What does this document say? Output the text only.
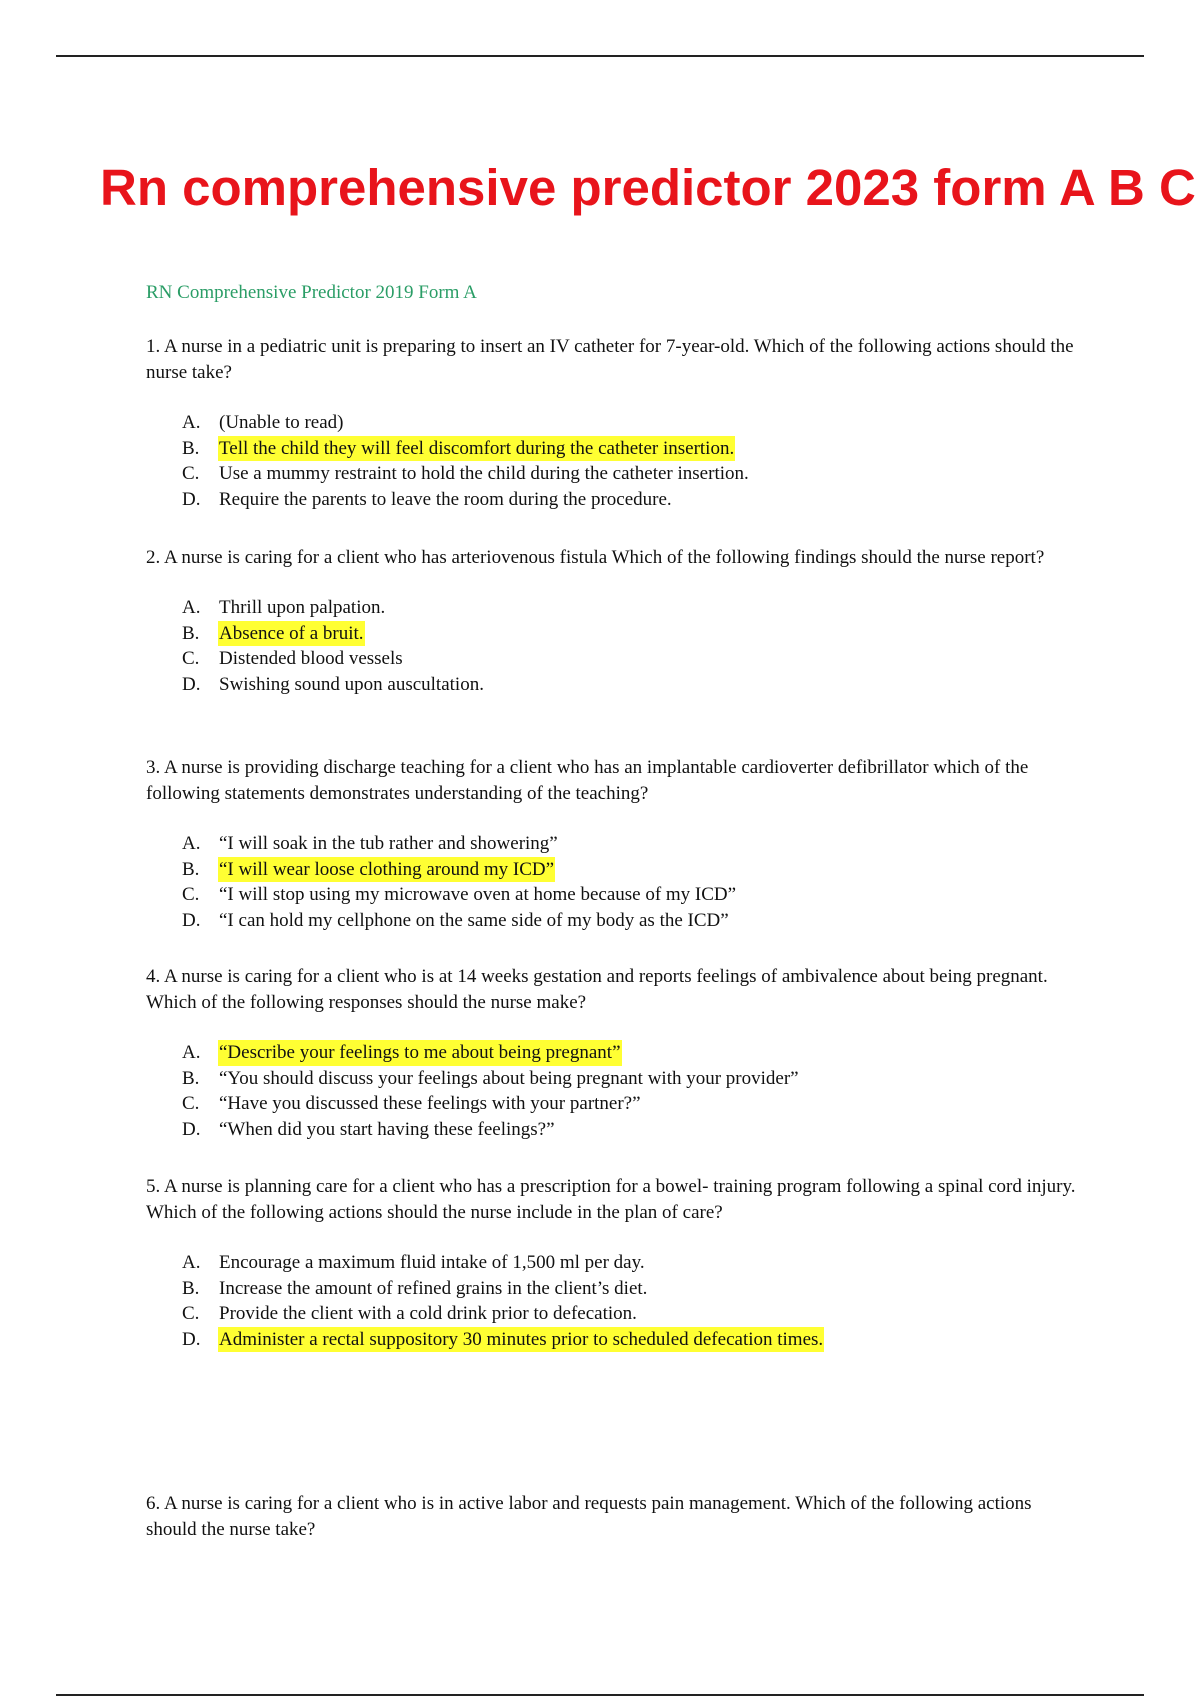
Rn comprehensive predictor 2023 form A B C

RN Comprehensive Predictor 2019 Form A

1. A nurse in a pediatric unit is preparing to insert an IV catheter for 7-year-old. Which of the following actions should the nurse take?

A. (Unable to read)
B.	Tell the child they will feel discomfort during the catheter insertion.
C.	Use a mummy restraint to hold the child during the catheter insertion.
D. Require the parents to leave the room during the procedure.

2. A nurse is caring for a client who has arteriovenous fistula Which of the following findings should the nurse report?

A. Thrill upon palpation.
B.	Absence of a bruit.
C.	Distended blood vessels
D. Swishing sound upon auscultation.

3. A nurse is providing discharge teaching for a client who has an implantable cardioverter defibrillator which of the following statements demonstrates understanding of the teaching?

A. “I will soak in the tub rather and showering”
B.	“I will wear loose clothing around my ICD”
C.	“I will stop using my microwave oven at home because of my ICD”
D. “I can hold my cellphone on the same side of my body as the ICD”

4. A nurse is caring for a client who is at 14 weeks gestation and reports feelings of ambivalence about being pregnant. Which of the following responses should the nurse make?

A. “Describe your feelings to me about being pregnant”
B.	“You should discuss your feelings about being pregnant with your provider”
C.	“Have you discussed these feelings with your partner?”
D. “When did you start having these feelings?”

5. A nurse is planning care for a client who has a prescription for a bowel- training program following a spinal cord injury. Which of the following actions should the nurse include in the plan of care?

A. Encourage a maximum fluid intake of 1,500 ml per day.
B.	Increase the amount of refined grains in the client’s diet.
C.	Provide the client with a cold drink prior to defecation.
D. Administer a rectal suppository 30 minutes prior to scheduled defecation times.

6. A nurse is caring for a client who is in active labor and requests pain management. Which of the following actions should the nurse take?
